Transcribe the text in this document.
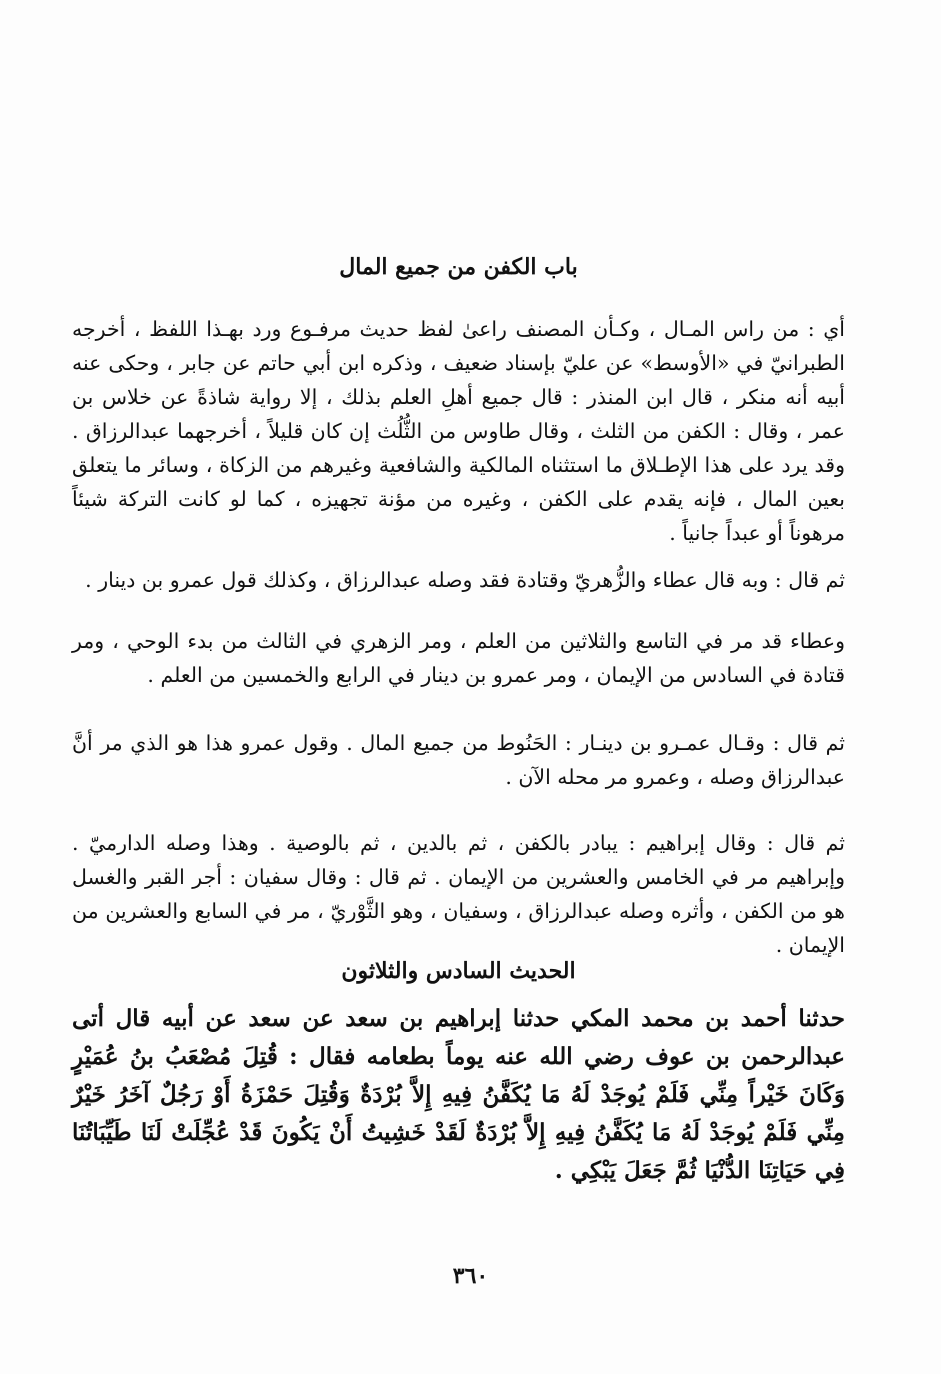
باب الكفن من جميع المال

أي : من راس المـال ، وكـأن المصنف راعىٰ لفظ حديث مرفـوع ورد بهـذا اللفظ ، أخرجه الطبرانيّ في «الأوسط» عن عليّ بإسناد ضعيف ، وذكره ابن أبي حاتم عن جابر ، وحكى عنه أبيه أنه منكر ، قال ابن المنذر : قال جميع أهلِ العلم بذلك ، إلا رواية شاذةً عن خلاس بن عمر ، وقال : الكفن من الثلث ، وقال طاوس من الثُّلُث إن كان قليلاً ، أخرجهما عبدالرزاق . وقد يرد على هذا الإطـلاق ما استثناه المالكية والشافعية وغيرهم من الزكاة ، وسائر ما يتعلق بعين المال ، فإنه يقدم على الكفن ، وغيره من مؤنة تجهيزه ، كما لو كانت التركة شيئاً مرهوناً أو عبداً جانياً .

ثم قال : وبه قال عطاء والزُّهريّ وقتادة فقد وصله عبدالرزاق ، وكذلك قول عمرو بن دينار .

وعطاء قد مر في التاسع والثلاثين من العلم ، ومر الزهري في الثالث من بدء الوحي ، ومر قتادة في السادس من الإيمان ، ومر عمرو بن دينار في الرابع والخمسين من العلم .

ثم قال : وقـال عمـرو بن دينـار : الحَنُوط من جميع المال . وقول عمرو هذا هو الذي مر أنَّ عبدالرزاق وصله ، وعمرو مر محله الآن .

ثم قال : وقال إبراهيم : يبادر بالكفن ، ثم بالدين ، ثم بالوصية . وهذا وصله الدارميّ . وإبراهيم مر في الخامس والعشرين من الإيمان . ثم قال : وقال سفيان : أجر القبر والغسل هو من الكفن ، وأثره وصله عبدالرزاق ، وسفيان ، وهو الثَّوْريّ ، مر في السابع والعشرين من الإيمان .

الحديث السادس والثلاثون

حدثنا أحمد بن محمد المكي حدثنا إبراهيم بن سعد عن سعد عن أبيه قال أتى عبدالرحمن بن عوف رضي الله عنه يوماً بطعامه فقال : قُتِلَ مُصْعَبُ بنُ عُمَيْرٍ وَكَانَ خَيْراً مِنِّي فَلَمْ يُوجَدْ لَهُ مَا يُكَفَّنُ فِيهِ إِلاَّ بُرْدَةٌ وَقُتِلَ حَمْزَةُ أَوْ رَجُلٌ آخَرُ خَيْرٌ مِنِّي فَلَمْ يُوجَدْ لَهُ مَا يُكَفَّنُ فِيهِ إِلاَّ بُرْدَةٌ لَقَدْ خَشِيتُ أَنْ يَكُونَ قَدْ عُجِّلَتْ لَنَا طَيِّبَاتُنَا فِي حَيَاتِنَا الدُّنْيَا ثُمَّ جَعَلَ يَبْكِي .

٣٦٠
